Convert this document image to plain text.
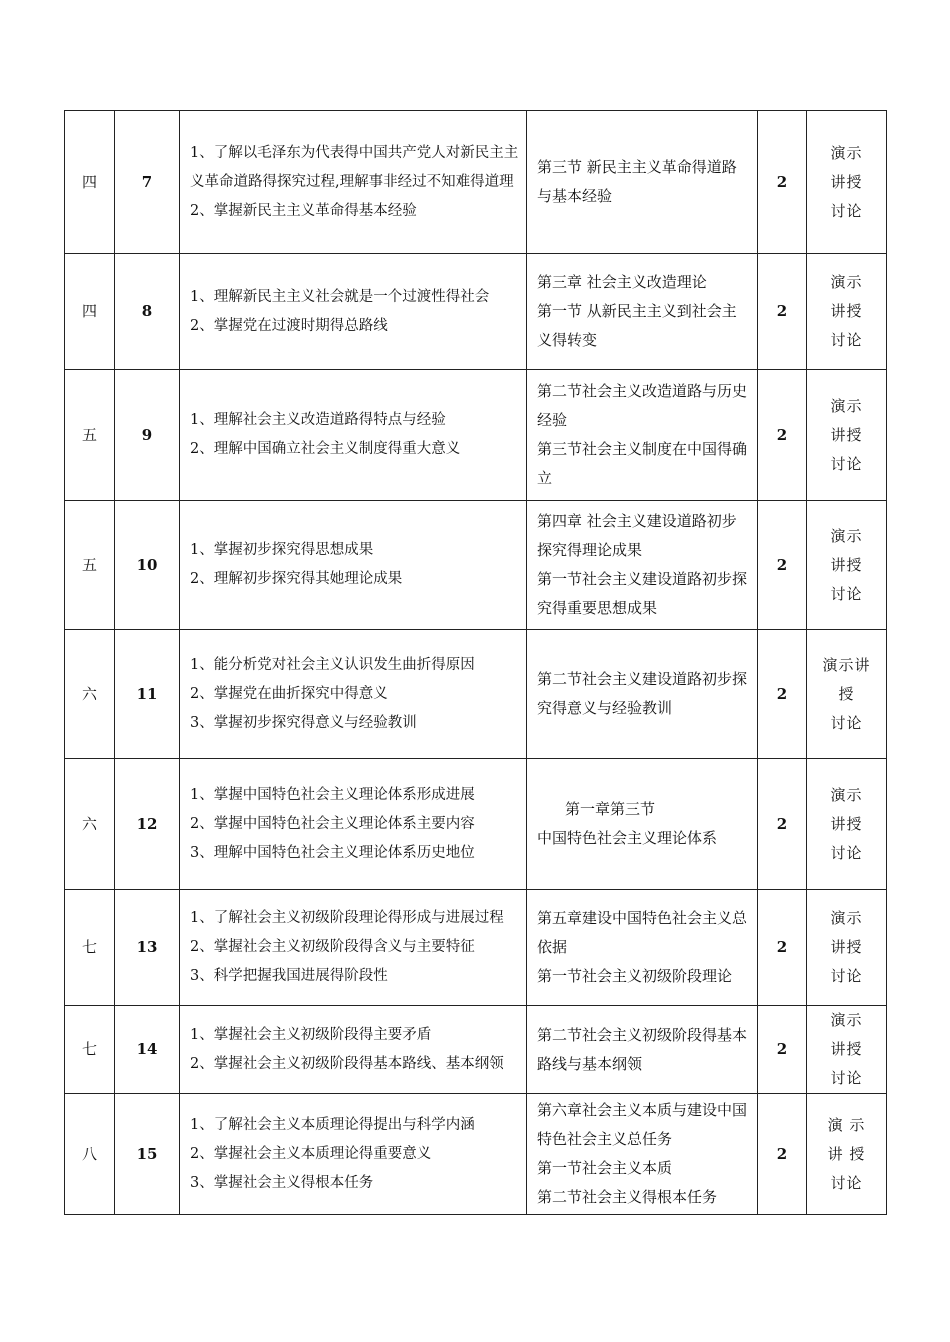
四	7	1、了解以毛泽东为代表得中国共产党人对新民主主义革命道路得探究过程,理解事非经过不知难得道理
2、掌握新民主主义革命得基本经验	第三节 新民主主义革命得道路与基本经验	2	演示
讲授
讨论

四	8	1、理解新民主主义社会就是一个过渡性得社会
2、掌握党在过渡时期得总路线	第三章 社会主义改造理论
第一节 从新民主主义到社会主义得转变	2	演示
讲授
讨论

五	9	1、理解社会主义改造道路得特点与经验
2、理解中国确立社会主义制度得重大意义	第二节社会主义改造道路与历史经验
第三节社会主义制度在中国得确立	2	演示
讲授
讨论

五	10	1、掌握初步探究得思想成果
2、理解初步探究得其她理论成果	第四章 社会主义建设道路初步探究得理论成果
第一节社会主义建设道路初步探究得重要思想成果	2	演示
讲授
讨论

六	11	1、能分析党对社会主义认识发生曲折得原因
2、掌握党在曲折探究中得意义
3、掌握初步探究得意义与经验教训	第二节社会主义建设道路初步探究得意义与经验教训	2	演示讲
授
讨论

六	12	1、掌握中国特色社会主义理论体系形成进展
2、掌握中国特色社会主义理论体系主要内容
3、理解中国特色社会主义理论体系历史地位	第一章第三节
中国特色社会主义理论体系	2	演示
讲授
讨论

七	13	1、了解社会主义初级阶段理论得形成与进展过程
2、掌握社会主义初级阶段得含义与主要特征
3、科学把握我国进展得阶段性	第五章建设中国特色社会主义总依据
第一节社会主义初级阶段理论	2	演示
讲授
讨论

七	14	1、掌握社会主义初级阶段得主要矛盾
2、掌握社会主义初级阶段得基本路线、基本纲领	第二节社会主义初级阶段得基本路线与基本纲领	2	演示
讲授
讨论

八	15	1、了解社会主义本质理论得提出与科学内涵
2、掌握社会主义本质理论得重要意义
3、掌握社会主义得根本任务	第六章社会主义本质与建设中国特色社会主义总任务
第一节社会主义本质
第二节社会主义得根本任务	2	演 示
讲 授
讨论
